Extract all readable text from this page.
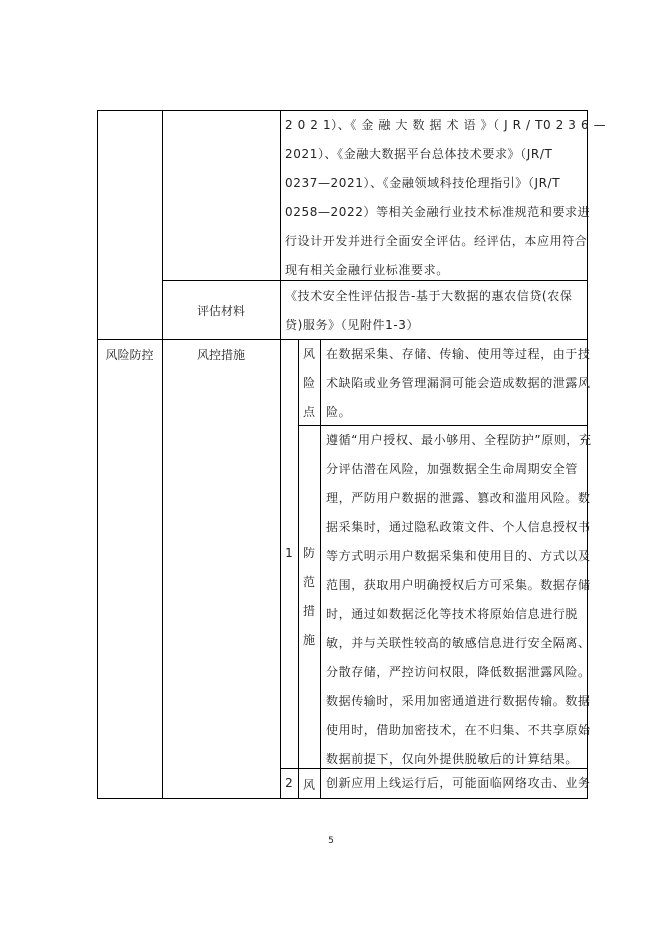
2 0 2 1）、《 金 融 大 数 据 术 语 》（ J R / T0 2 3 6 —
2021）、《金融大数据平台总体技术要求》（JR/T
0237—2021）、《金融领域科技伦理指引》（JR/T
0258—2022）等相关金融行业技术标准规范和要求进
行设计开发并进行全面安全评估。经评估，本应用符合
现有相关金融行业标准要求。
评估材料
《技术安全性评估报告-基于大数据的惠农信贷(农保
贷)服务》（见附件1-3）
风险防控	风控措施
1
风
险
点
在数据采集、存储、传输、使用等过程，由于技
术缺陷或业务管理漏洞可能会造成数据的泄露风
险。
防
范
措
施
遵循“用户授权、最小够用、全程防护”原则，充
分评估潜在风险，加强数据全生命周期安全管
理，严防用户数据的泄露、篡改和滥用风险。数
据采集时，通过隐私政策文件、个人信息授权书
等方式明示用户数据采集和使用目的、方式以及
范围，获取用户明确授权后方可采集。数据存储
时，通过如数据泛化等技术将原始信息进行脱
敏，并与关联性较高的敏感信息进行安全隔离、
分散存储，严控访问权限，降低数据泄露风险。
数据传输时，采用加密通道进行数据传输。数据
使用时，借助加密技术，在不归集、不共享原始
数据前提下，仅向外提供脱敏后的计算结果。
2 风 创新应用上线运行后，可能面临网络攻击、业务
5
